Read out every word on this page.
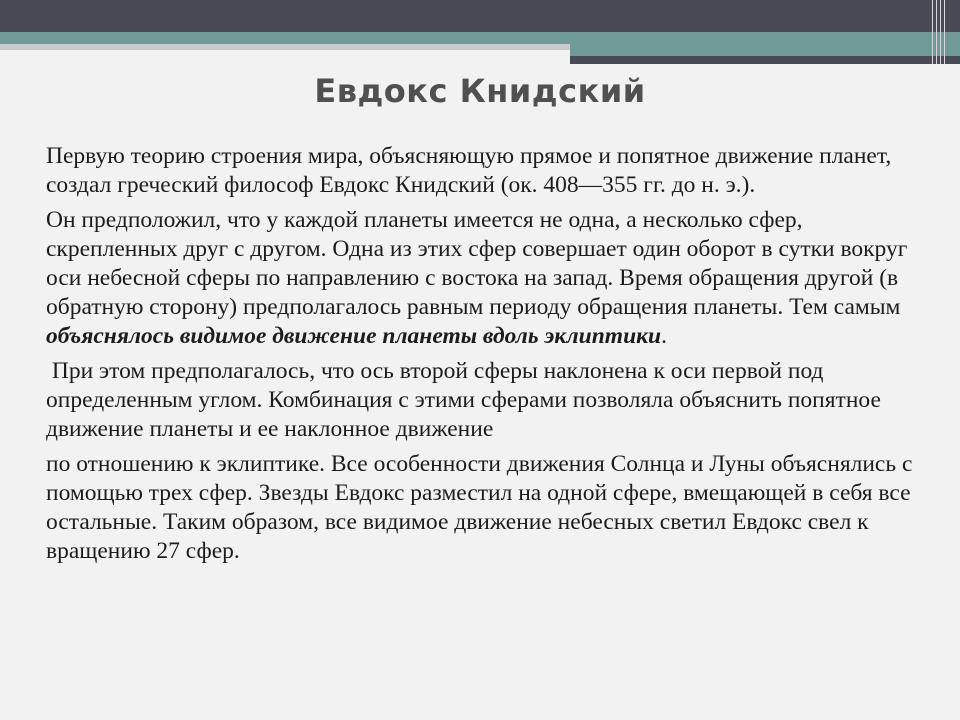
Евдокс Книдский

Первую теорию строения мира, объясняющую прямое и попятное движение планет, создал греческий философ Евдокс Книдский (ок. 408—355 гг. до н. э.).

Он предположил, что у каждой планеты имеется не одна, а несколько сфер, скрепленных друг с другом. Одна из этих сфер совершает один оборот в сутки вокруг оси небесной сферы по направлению с востока на запад. Время обращения другой (в обратную сторону) предполагалось равным периоду обращения планеты. Тем самым объяснялось видимое движение планеты вдоль эклиптики.

При этом предполагалось, что ось второй сферы наклонена к оси первой под определенным углом. Комбинация с этими сферами позволяла объяснить попятное движение планеты и ее наклонное движение

по отношению к эклиптике. Все особенности движения Солнца и Луны объяснялись с помощью трех сфер. Звезды Евдокс разместил на одной сфере, вмещающей в себя все остальные. Таким образом, все видимое движение небесных светил Евдокс свел к вращению 27 сфер.
